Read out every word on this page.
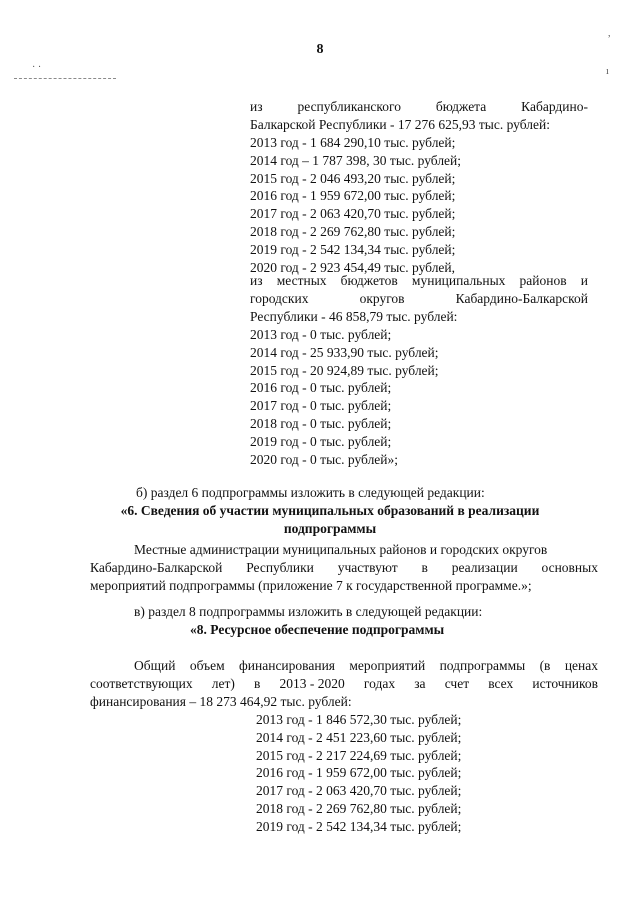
8
· ·
,
ı
из	республиканского	бюджета	Кабардино-
Балкарской Республики - 17 276 625,93 тыс. рублей:
2013 год - 1 684 290,10 тыс. рублей;
2014 год – 1 787 398, 30 тыс. рублей;
2015 год - 2 046 493,20 тыс. рублей;
2016 год - 1 959 672,00 тыс. рублей;
2017 год - 2 063 420,70 тыс. рублей;
2018 год - 2 269 762,80 тыс. рублей;
2019 год - 2 542 134,34 тыс. рублей;
2020 год - 2 923 454,49 тыс. рублей,
из местных бюджетов муниципальных районов и
городских	округов	Кабардино-Балкарской
Республики - 46 858,79 тыс. рублей:
2013 год - 0 тыс. рублей;
2014 год - 25 933,90 тыс. рублей;
2015 год - 20 924,89 тыс. рублей;
2016 год - 0 тыс. рублей;
2017 год - 0 тыс. рублей;
2018 год - 0 тыс. рублей;
2019 год - 0 тыс. рублей;
2020 год - 0 тыс. рублей»;
б) раздел 6 подпрограммы изложить в следующей редакции:
«6. Сведения об участии муниципальных образований в реализации
подпрограммы
Местные администрации муниципальных районов и городских округов
Кабардино-Балкарской Республики участвуют в реализации основных
мероприятий подпрограммы (приложение 7 к государственной программе.»;
в) раздел 8 подпрограммы изложить в следующей редакции:
«8. Ресурсное обеспечение подпрограммы
Общий объем финансирования мероприятий подпрограммы (в ценах
соответствующих лет) в 2013 - 2020 годах за счет всех источников
финансирования – 18 273 464,92 тыс. рублей:
2013 год - 1 846 572,30 тыс. рублей;
2014 год - 2 451 223,60 тыс. рублей;
2015 год - 2 217 224,69 тыс. рублей;
2016 год - 1 959 672,00 тыс. рублей;
2017 год - 2 063 420,70 тыс. рублей;
2018 год - 2 269 762,80 тыс. рублей;
2019 год - 2 542 134,34 тыс. рублей;
